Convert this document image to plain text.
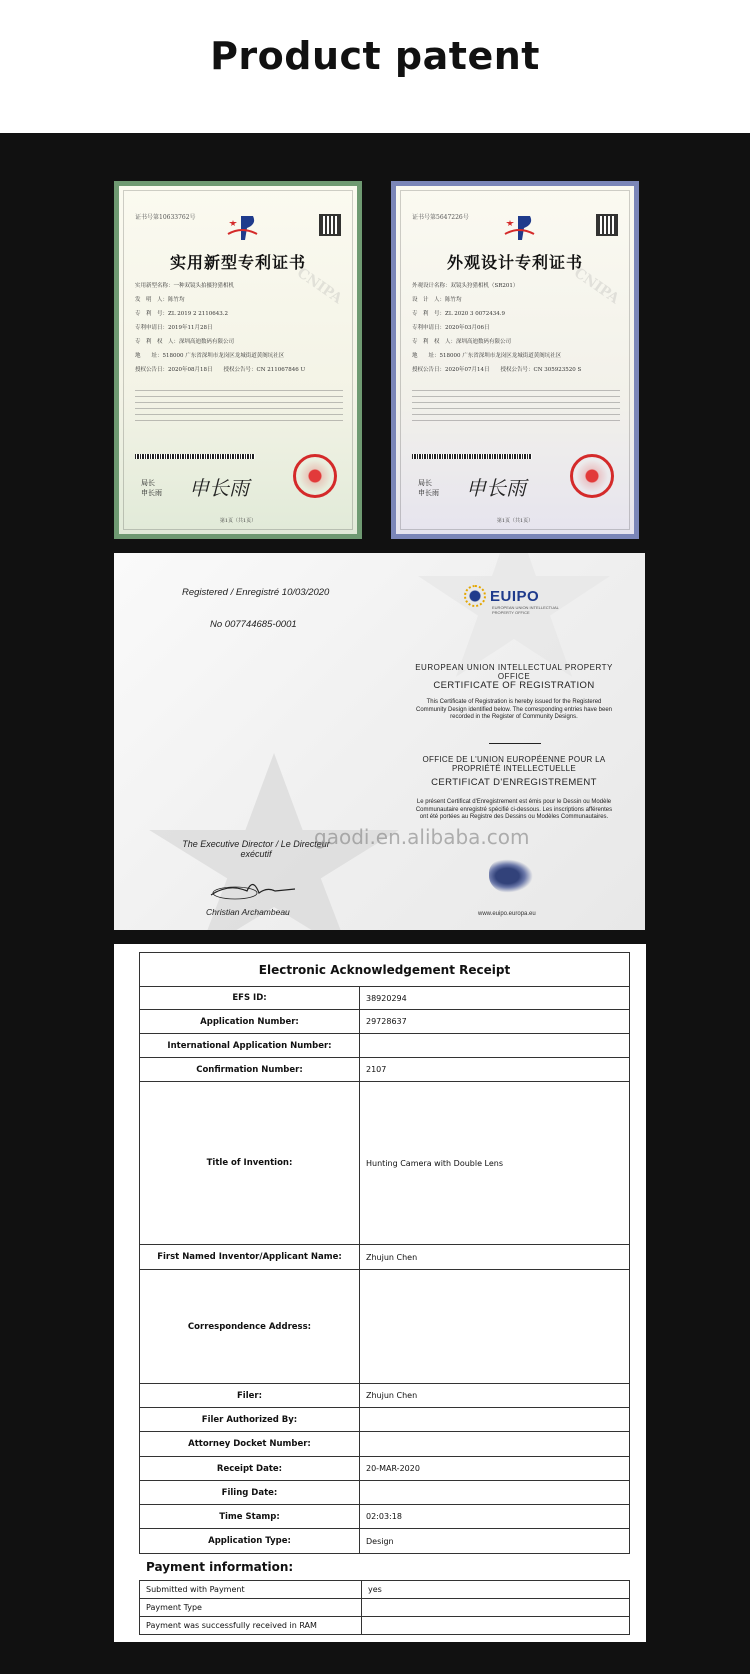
Product patent
证书号第10633762号
实用新型专利证书
CNIPA
实用新型名称：一种双镜头拍摄狩猎相机
发　明　人：陈竹均
专　利　号：ZL 2019 2 2110643.2
专利申请日：2019年11月28日
专　利　权　人：深圳高迪数码有限公司
地　　址：518000 广东省深圳市龙岗区龙城街道黄阁坑社区
授权公告日：2020年08月18日　　授权公告号：CN 211067846 U
局长
申长雨 申长雨
第1页（共1页）
证书号第5647226号
外观设计专利证书
CNIPA
外观设计名称：双镜头狩猎相机（SR201）
设　计　人：陈竹均
专　利　号：ZL 2020 3 0072434.9
专利申请日：2020年03月06日
专　利　权　人：深圳高迪数码有限公司
地　　址：518000 广东省深圳市龙岗区龙城街道黄阁坑社区
授权公告日：2020年07月14日　　授权公告号：CN 305923520 S
局长
申长雨 申长雨
第1页（共1页）
Registered / Enregistré 10/03/2020
No 007744685-0001
EUIPO
EUROPEAN UNION INTELLECTUAL PROPERTY OFFICE
EUROPEAN UNION INTELLECTUAL PROPERTY OFFICE
CERTIFICATE OF REGISTRATION
This Certificate of Registration is hereby issued for the Registered Community Design identified below. The corresponding entries have been recorded in the Register of Community Designs.
OFFICE DE L'UNION EUROPÉENNE POUR LA PROPRIÉTÉ INTELLECTUELLE
CERTIFICAT D'ENREGISTREMENT
Le présent Certificat d'Enregistrement est émis pour le Dessin ou Modèle Communautaire enregistré spécifié ci-dessous. Les inscriptions afférentes ont été portées au Registre des Dessins ou Modèles Communautaires.
The Executive Director / Le Directeur exécutif
gaodi.en.alibaba.com
Christian Archambeau	www.euipo.europa.eu
Electronic Acknowledgement Receipt	
EFS ID:	38920294
Application Number:	29728637
International Application Number:	
Confirmation Number:	2107
Title of Invention:	Hunting Camera with Double Lens
First Named Inventor/Applicant Name:	Zhujun Chen
Correspondence Address:	
Filer:	Zhujun Chen
Filer Authorized By:	
Attorney Docket Number:	
Receipt Date:	20-MAR-2020
Filing Date:	
Time Stamp:	02:03:18
Application Type:	Design
Payment information:
Submitted with Payment	yes
Payment Type	
Payment was successfully received in RAM	
